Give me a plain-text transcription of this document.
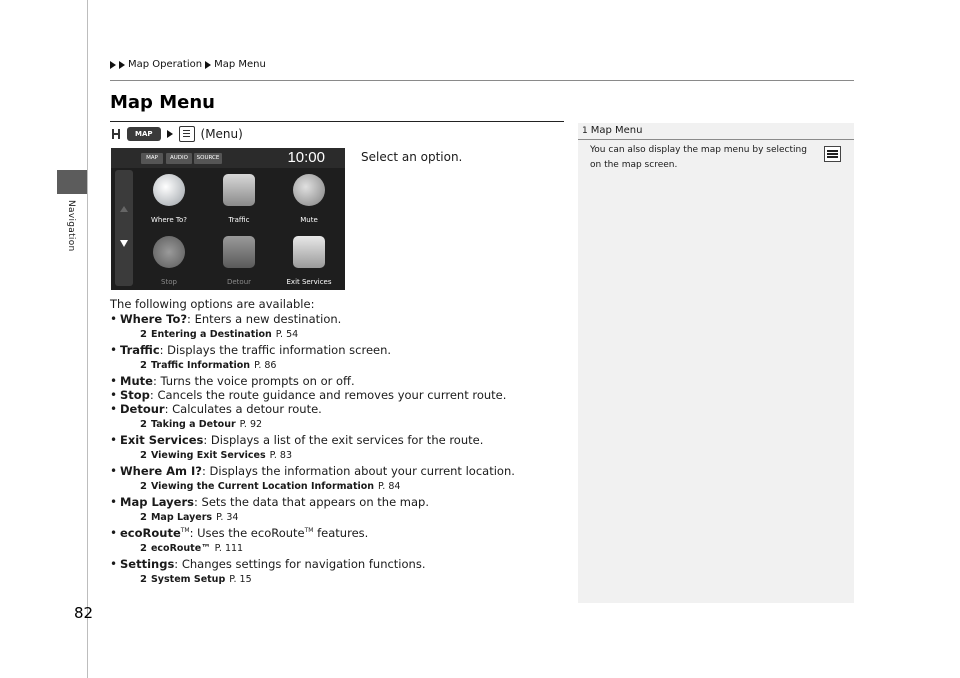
Navigation
82
Map Operation Map Menu
Map Menu
MAP	(Menu)
MAP	AUDIO	SOURCE	10:00
Where To?	Traffic	Mute
Stop	Detour	Exit Services
Select an option.

The following options are available:

• Where To?: Enters a new destination.
2 Entering a Destination P. 54
• Traffic: Displays the traffic information screen.
2 Traffic Information P. 86
• Mute: Turns the voice prompts on or off.
• Stop: Cancels the route guidance and removes your current route.
• Detour: Calculates a detour route.
2 Taking a Detour P. 92
• Exit Services: Displays a list of the exit services for the route.
2 Viewing Exit Services P. 83
• Where Am I?: Displays the information about your current location.
2 Viewing the Current Location Information P. 84
• Map Layers: Sets the data that appears on the map.
2 Map Layers P. 34
• ecoRoute™: Uses the ecoRoute™ features.
2 ecoRoute™ P. 111
• Settings: Changes settings for navigation functions.
2 System Setup P. 15
1 Map Menu
You can also display the map menu by selecting on the map screen.
